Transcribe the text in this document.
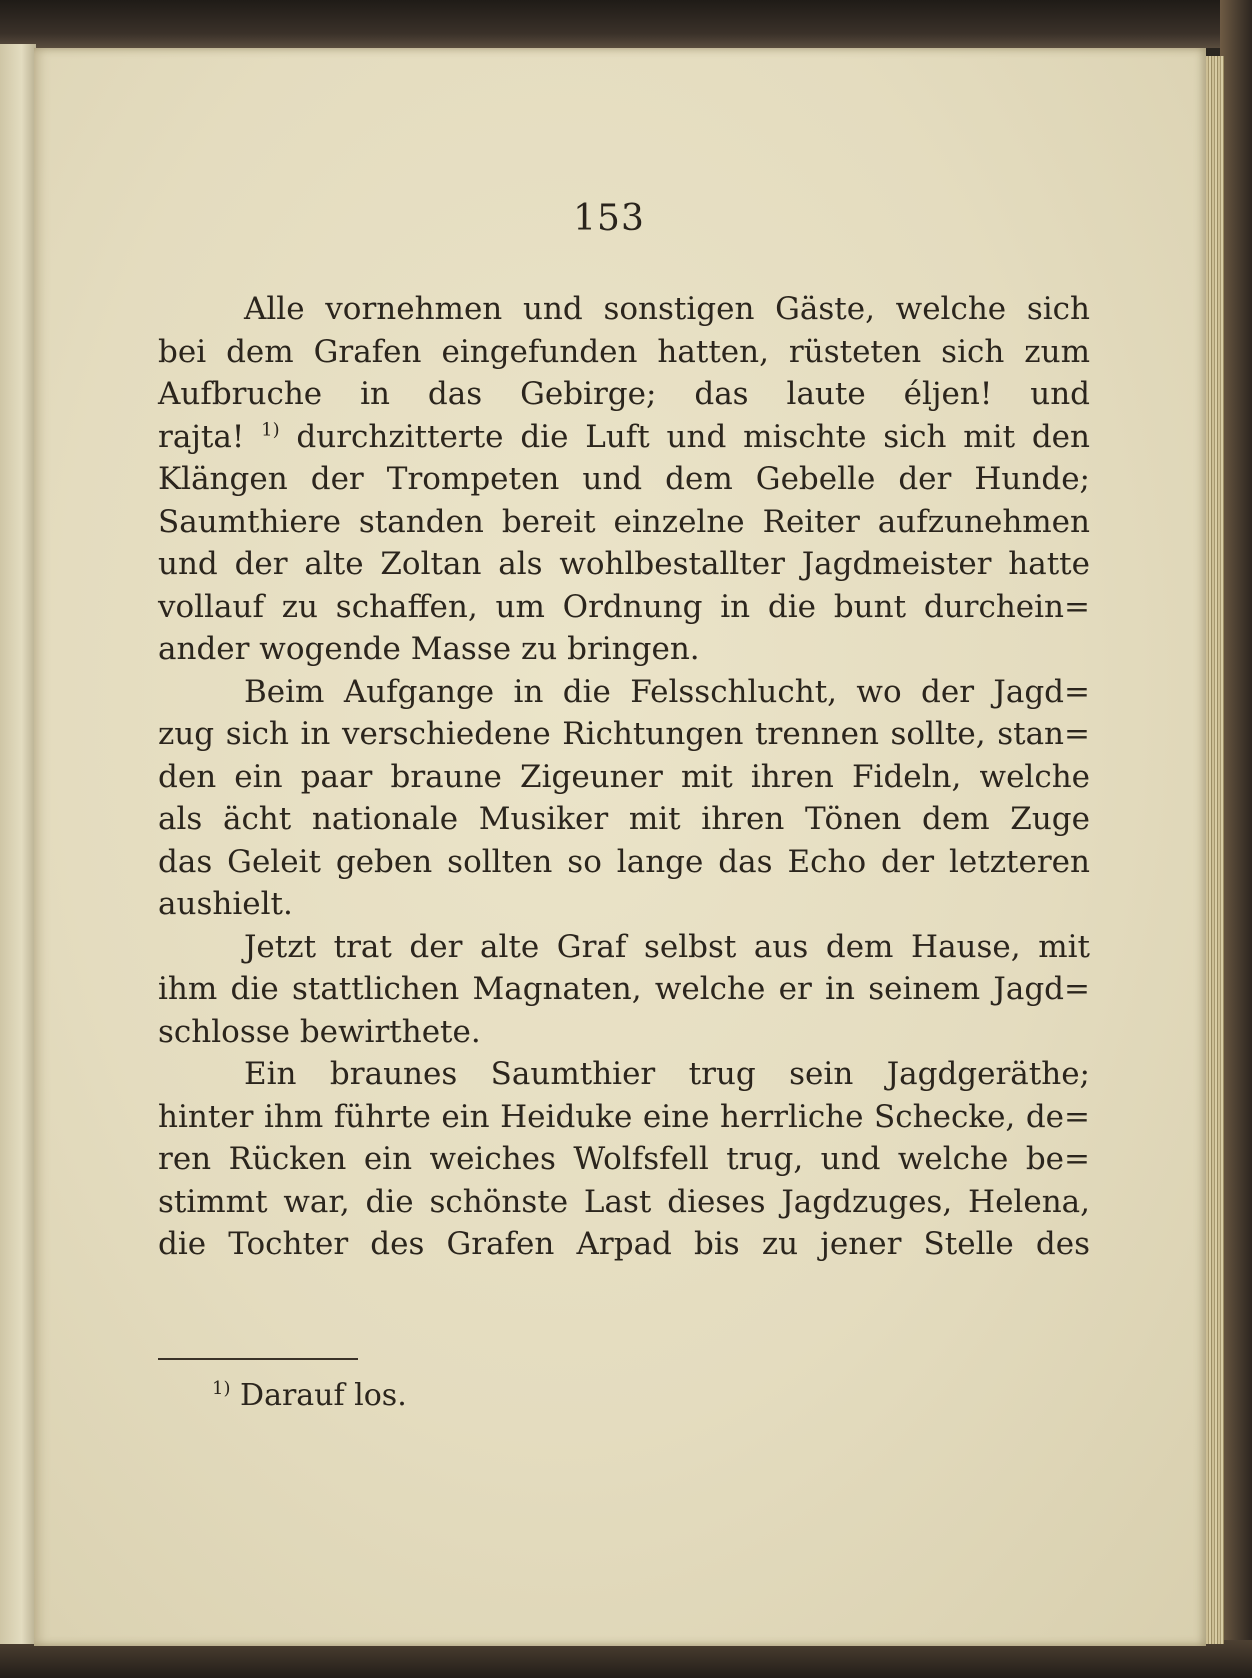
153
Alle vornehmen und sonstigen Gäste, welche sich
bei dem Grafen eingefunden hatten, rüsteten sich zum
Aufbruche in das Gebirge; das laute éljen! und
rajta! $^{1)}$ durchzitterte die Luft und mischte sich mit den
Klängen der Trompeten und dem Gebelle der Hunde;
Saumthiere standen bereit einzelne Reiter aufzunehmen
und der alte Zoltan als wohlbestallter Jagdmeister hatte
vollauf zu schaffen, um Ordnung in die bunt durchein=
ander wogende Masse zu bringen.
Beim Aufgange in die Felsschlucht, wo der Jagd=
zug sich in verschiedene Richtungen trennen sollte, stan=
den ein paar braune Zigeuner mit ihren Fideln, welche
als ächt nationale Musiker mit ihren Tönen dem Zuge
das Geleit geben sollten so lange das Echo der letzteren
aushielt.
Jetzt trat der alte Graf selbst aus dem Hause, mit
ihm die stattlichen Magnaten, welche er in seinem Jagd=
schlosse bewirthete.
Ein braunes Saumthier trug sein Jagdgeräthe;
hinter ihm führte ein Heiduke eine herrliche Schecke, de=
ren Rücken ein weiches Wolfsfell trug, und welche be=
stimmt war, die schönste Last dieses Jagdzuges, Helena,
die Tochter des Grafen Arpad bis zu jener Stelle des
$^{1)}$ Darauf los.
